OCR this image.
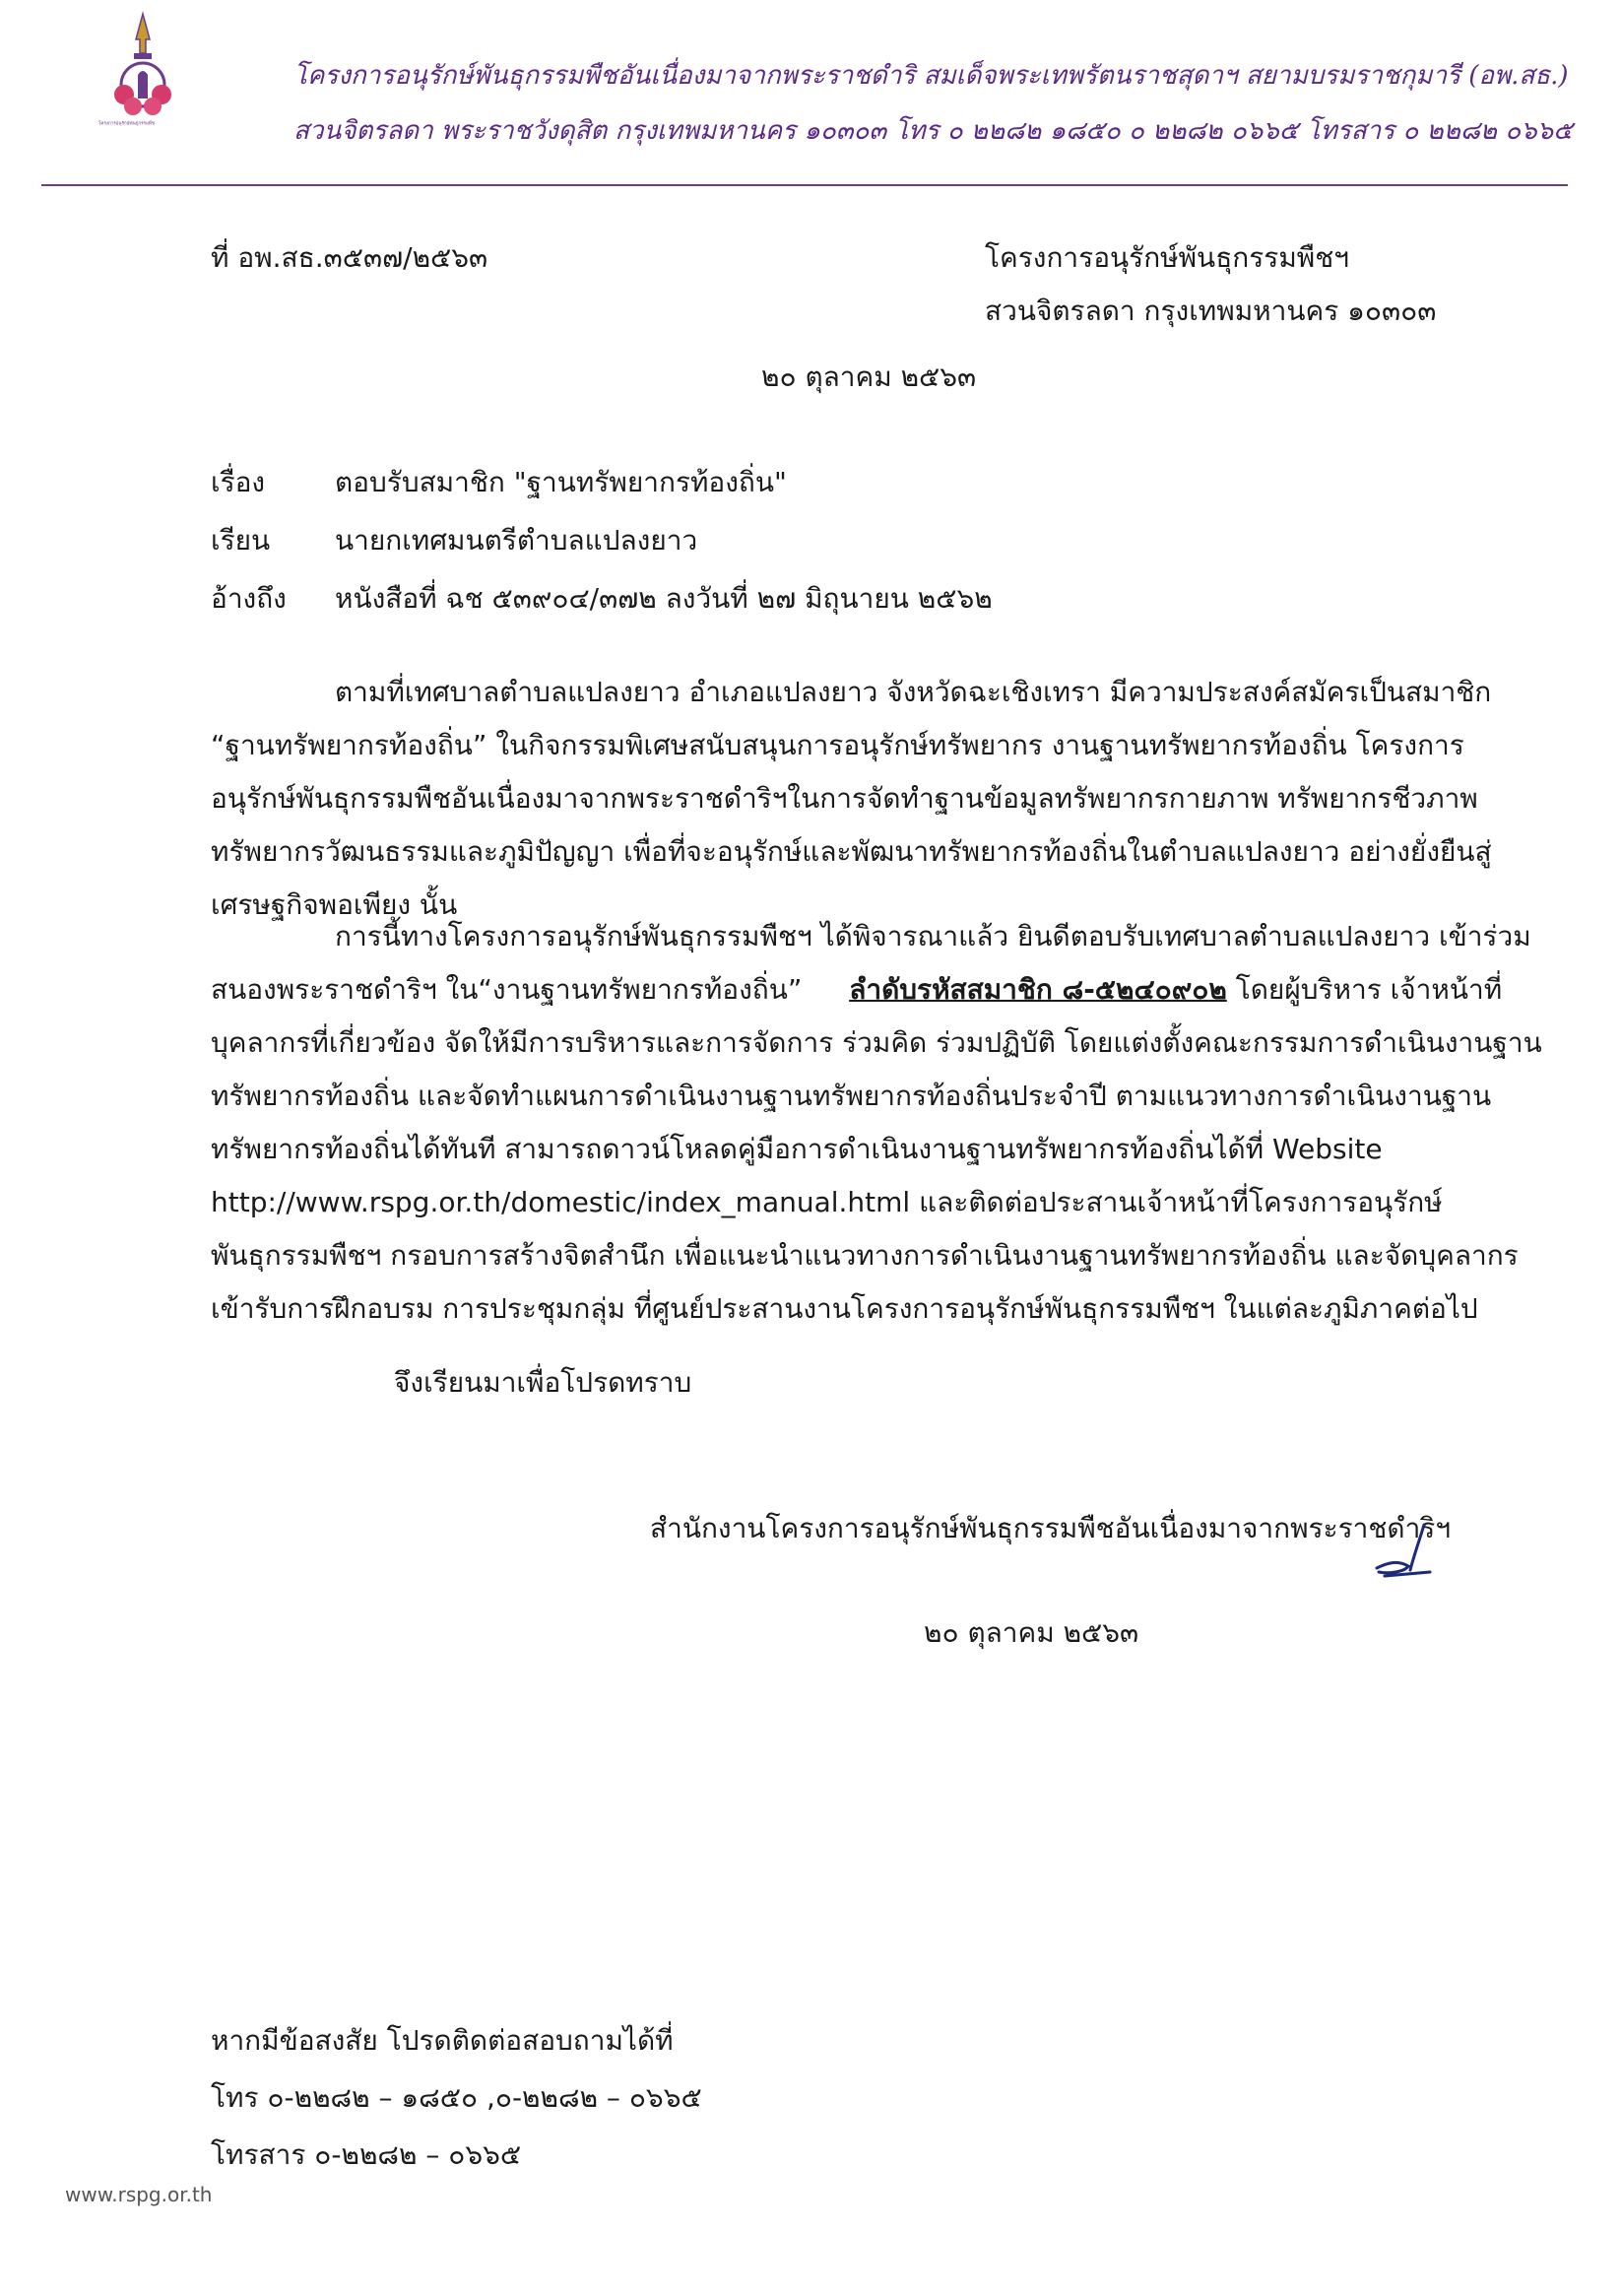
โครงการอนุรักษ์พันธุกรรมพืช
โครงการอนุรักษ์พันธุกรรมพืชอันเนื่องมาจากพระราชดำริ สมเด็จพระเทพรัตนราชสุดาฯ สยามบรมราชกุมารี (อพ.สธ.)
สวนจิตรลดา พระราชวังดุสิต กรุงเทพมหานคร ๑๐๓๐๓ โทร ๐ ๒๒๘๒ ๑๘๕๐ ๐ ๒๒๘๒ ๐๖๖๕ โทรสาร ๐ ๒๒๘๒ ๐๖๖๕
ที่ อพ.สธ.๓๕๓๗/๒๕๖๓	โครงการอนุรักษ์พันธุกรรมพืชฯ
สวนจิตรลดา กรุงเทพมหานคร ๑๐๓๐๓
๒๐ ตุลาคม ๒๕๖๓
เรื่อง	ตอบรับสมาชิก "ฐานทรัพยากรท้องถิ่น"
เรียน นายกเทศมนตรีตำบลแปลงยาว
อ้างถึง หนังสือที่ ฉช ๕๓๙๐๔/๓๗๒ ลงวันที่ ๒๗ มิถุนายน ๒๕๖๒
ตามที่เทศบาลตำบลแปลงยาว อำเภอแปลงยาว จังหวัดฉะเชิงเทรา มีความประสงค์สมัครเป็นสมาชิก
“ฐานทรัพยากรท้องถิ่น” ในกิจกรรมพิเศษสนับสนุนการอนุรักษ์ทรัพยากร งานฐานทรัพยากรท้องถิ่น โครงการ
อนุรักษ์พันธุกรรมพืชอันเนื่องมาจากพระราชดำริฯในการจัดทำฐานข้อมูลทรัพยากรกายภาพ ทรัพยากรชีวภาพ
ทรัพยากรวัฒนธรรมและภูมิปัญญา เพื่อที่จะอนุรักษ์และพัฒนาทรัพยากรท้องถิ่นในตำบลแปลงยาว อย่างยั่งยืนสู่
เศรษฐกิจพอเพียง นั้น
การนี้ทางโครงการอนุรักษ์พันธุกรรมพืชฯ ได้พิจารณาแล้ว ยินดีตอบรับเทศบาลตำบลแปลงยาว เข้าร่วม
สนองพระราชดำริฯ ใน“งานฐานทรัพยากรท้องถิ่น” ลำดับรหัสสมาชิก ๘-๕๒๔๐๙๐๒ โดยผู้บริหาร เจ้าหน้าที่
บุคลากรที่เกี่ยวข้อง จัดให้มีการบริหารและการจัดการ ร่วมคิด ร่วมปฏิบัติ โดยแต่งตั้งคณะกรรมการดำเนินงานฐาน
ทรัพยากรท้องถิ่น และจัดทำแผนการดำเนินงานฐานทรัพยากรท้องถิ่นประจำปี ตามแนวทางการดำเนินงานฐาน
ทรัพยากรท้องถิ่นได้ทันที สามารถดาวน์โหลดคู่มือการดำเนินงานฐานทรัพยากรท้องถิ่นได้ที่ Website
http://www.rspg.or.th/domestic/index_manual.html และติดต่อประสานเจ้าหน้าที่โครงการอนุรักษ์
พันธุกรรมพืชฯ กรอบการสร้างจิตสำนึก เพื่อแนะนำแนวทางการดำเนินงานฐานทรัพยากรท้องถิ่น และจัดบุคลากร
เข้ารับการฝึกอบรม การประชุมกลุ่ม ที่ศูนย์ประสานงานโครงการอนุรักษ์พันธุกรรมพืชฯ ในแต่ละภูมิภาคต่อไป
จึงเรียนมาเพื่อโปรดทราบ
สำนักงานโครงการอนุรักษ์พันธุกรรมพืชอันเนื่องมาจากพระราชดำริฯ
๒๐ ตุลาคม ๒๕๖๓
หากมีข้อสงสัย โปรดติดต่อสอบถามได้ที่
โทร ๐-๒๒๘๒ – ๑๘๕๐ ,๐-๒๒๘๒ – ๐๖๖๕
โทรสาร ๐-๒๒๘๒ – ๐๖๖๕
www.rspg.or.th
